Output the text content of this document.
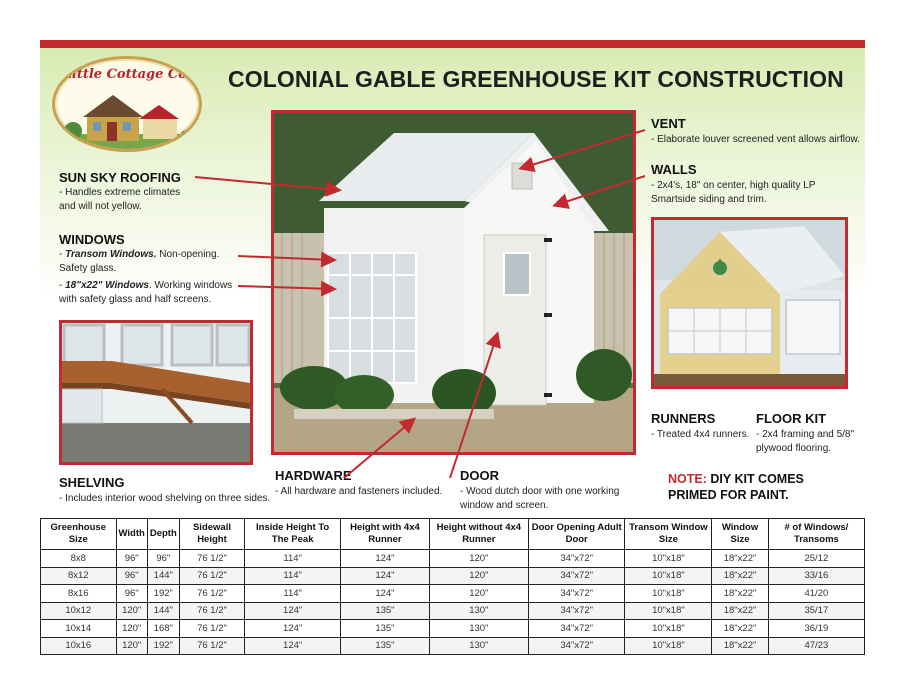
Little Cottage Co.	COLONIAL GABLE GREENHOUSE KIT CONSTRUCTION
SUN SKY ROOFING
- Handles extreme climates and will not yellow.
WINDOWS
- Transom Windows. Non-opening. Safety glass.
- 18"x22" Windows. Working windows with safety glass and half screens.
SHELVING
- Includes interior wood shelving on three sides.
HARDWARE
- All hardware and fasteners included.
DOOR
- Wood dutch door with one working window and screen.
VENT
- Elaborate louver screened vent allows airflow.
WALLS
- 2x4's, 18" on center, high quality LP Smartside siding and trim.
RUNNERS
- Treated 4x4 runners.
FLOOR KIT
- 2x4 framing and 5/8" plywood flooring.
NOTE: DIY KIT COMES
PRIMED FOR PAINT.
Greenhouse Size	Width	Depth	Sidewall Height	Inside Height To The Peak	Height with 4x4 Runner	Height without 4x4 Runner	Door Opening Adult Door	Transom Window Size	Window Size	# of Windows/ Transoms
8x8	96"	96"	76 1/2"	114"	124"	120"	34"x72"	10"x18"	18"x22"	25/12
8x12	96"	144"	76 1/2"	114"	124"	120"	34"x72"	10"x18"	18"x22"	33/16
8x16	96"	192"	76 1/2"	114"	124"	120"	34"x72"	10"x18"	18"x22"	41/20
10x12	120"	144"	76 1/2"	124"	135"	130"	34"x72"	10"x18"	18"x22"	35/17
10x14	120"	168"	76 1/2"	124"	135"	130"	34"x72"	10"x18"	18"x22"	36/19
10x16	120"	192"	76 1/2"	124"	135"	130"	34"x72"	10"x18"	18"x22"	47/23
